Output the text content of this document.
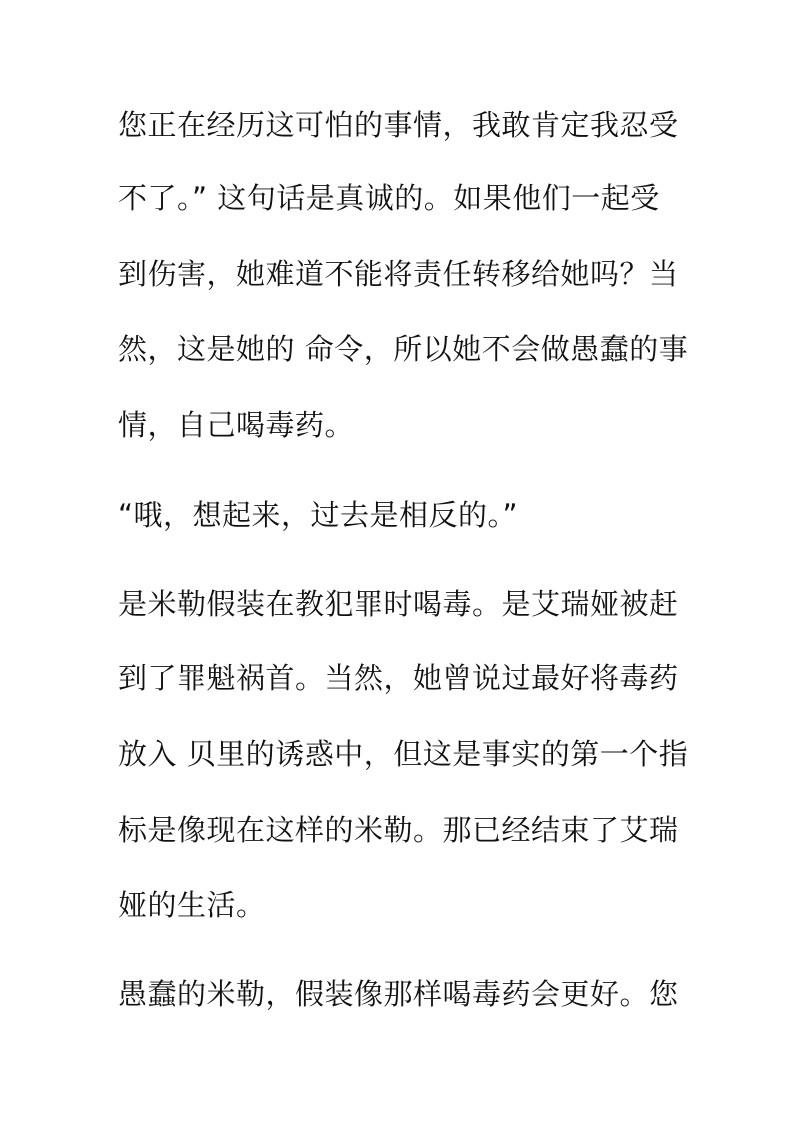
您正在经历这可怕的事情，我敢肯定我忍受
不了。” 这句话是真诚的。如果他们一起受
到伤害，她难道不能将责任转移给她吗？当
然，这是她的 命令，所以她不会做愚蠢的事
情，自己喝毒药。
“哦，想起来，过去是相反的。”
是米勒假装在教犯罪时喝毒。是艾瑞娅被赶
到了罪魁祸首。当然，她曾说过最好将毒药
放入 贝里的诱惑中，但这是事实的第一个指
标是像现在这样的米勒。那已经结束了艾瑞
娅的生活。
愚蠢的米勒，假装像那样喝毒药会更好。您
